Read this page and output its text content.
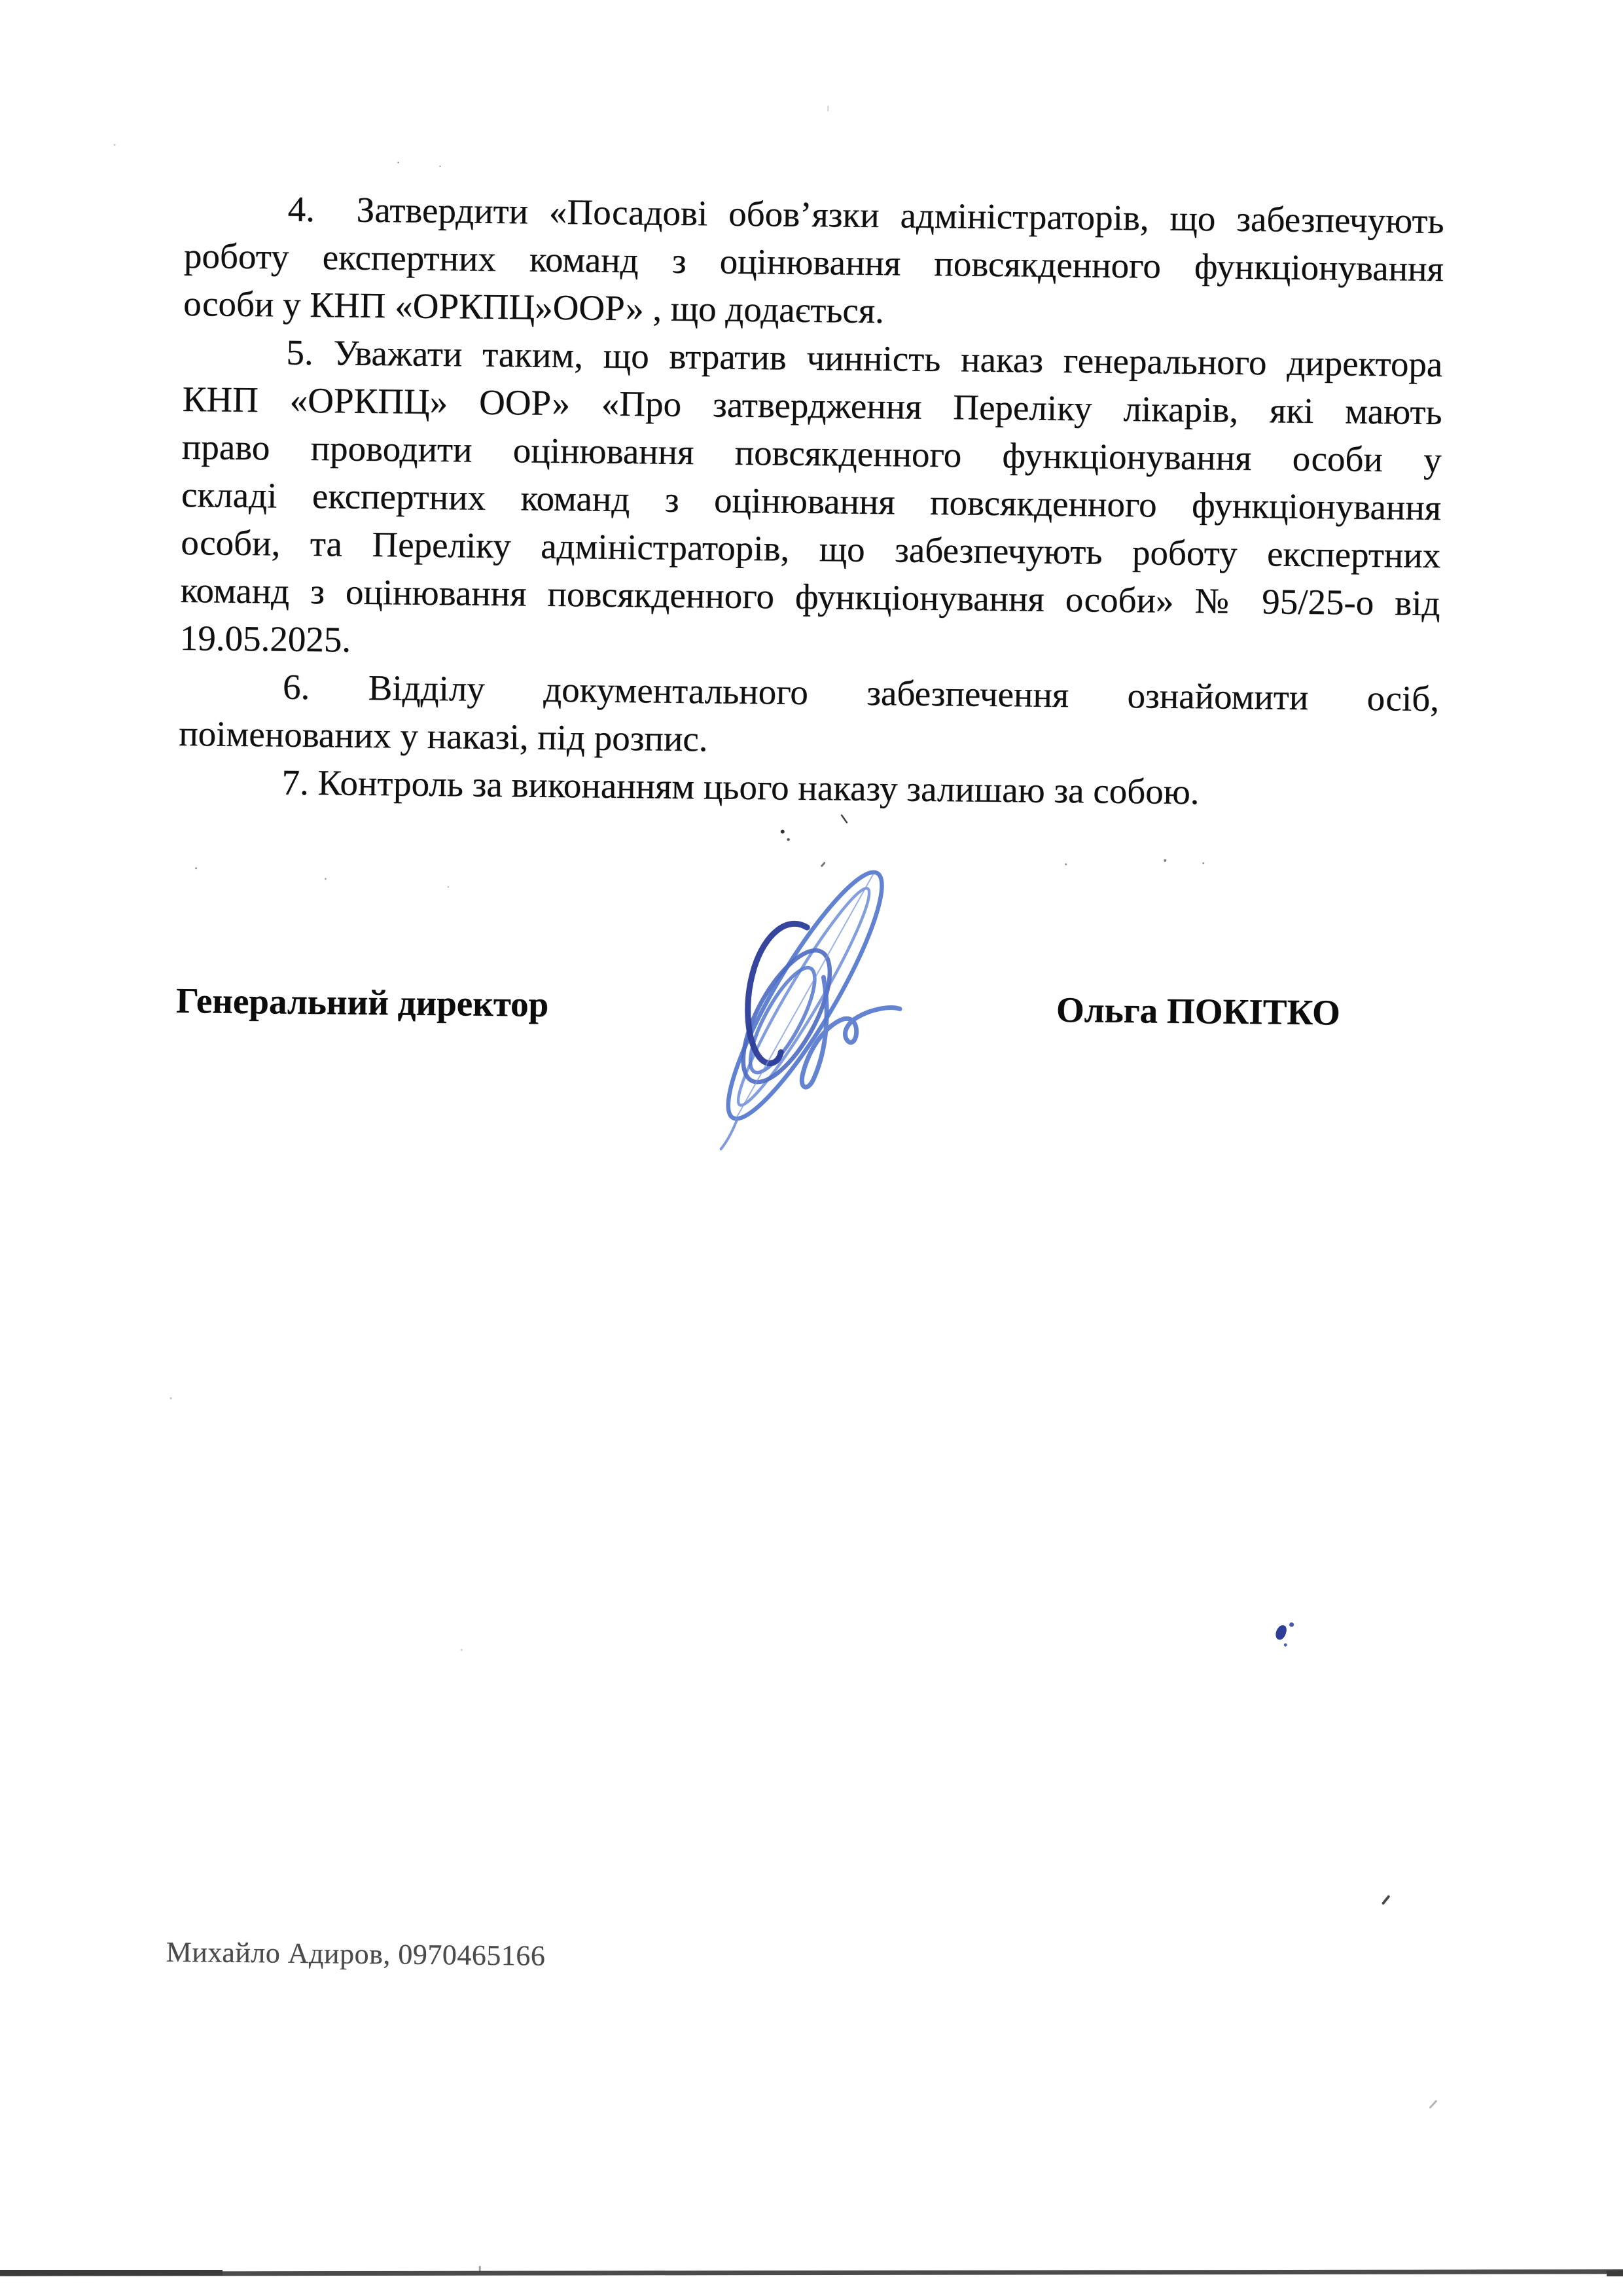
4.  Затвердити «Посадові обов’язки адміністраторів, що забезпечують
роботу експертних команд з оцінювання повсякденного функціонування
особи у КНП «ОРКПЦ»ООР» , що додається.
5. Уважати таким, що втратив чинність наказ генерального директора
КНП «ОРКПЦ» ООР» «Про затвердження Переліку лікарів, які мають
право проводити оцінювання повсякденного функціонування особи у
складі експертних команд з оцінювання повсякденного функціонування
особи, та Переліку адміністраторів, що забезпечують роботу експертних
команд з оцінювання повсякденного функціонування особи» № 95/25-о від
19.05.2025.
6. Відділу документального забезпечення ознайомити осіб,
поіменованих у наказі, під розпис.
7. Контроль за виконанням цього наказу залишаю за собою.
Генеральний директор	Ольга ПОКІТКО
Михайло Адиров, 0970465166
